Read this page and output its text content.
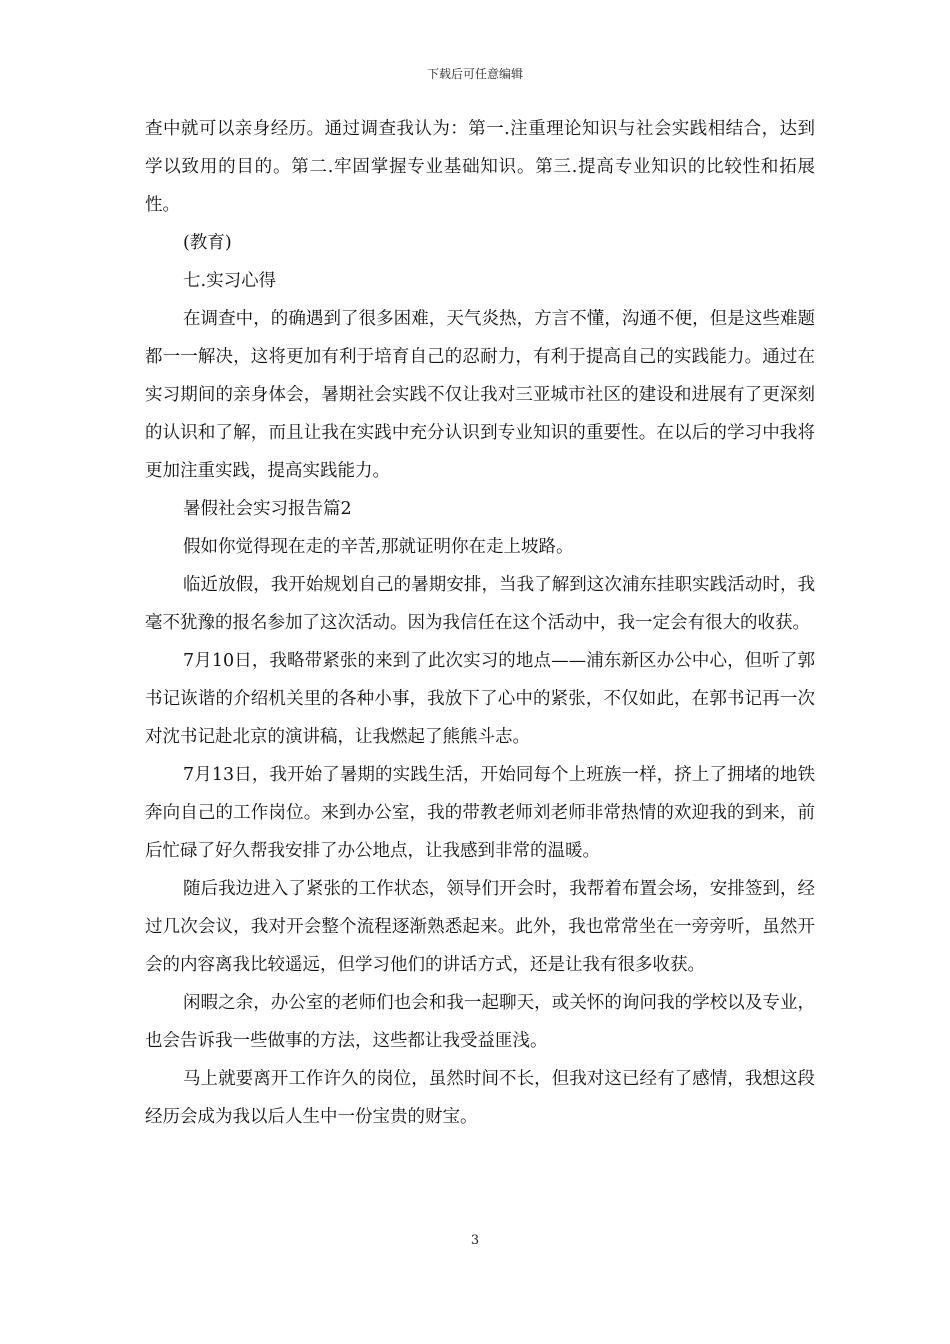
下载后可任意编辑

查中就可以亲身经历。通过调查我认为：第一.注重理论知识与社会实践相结合，达到学以致用的目的。第二.牢固掌握专业基础知识。第三.提高专业知识的比较性和拓展性。

(教育)

七.实习心得

在调查中，的确遇到了很多困难，天气炎热，方言不懂，沟通不便，但是这些难题都一一解决，这将更加有利于培育自己的忍耐力，有利于提高自己的实践能力。通过在实习期间的亲身体会，暑期社会实践不仅让我对三亚城市社区的建设和进展有了更深刻的认识和了解，而且让我在实践中充分认识到专业知识的重要性。在以后的学习中我将更加注重实践，提高实践能力。

暑假社会实习报告篇2

假如你觉得现在走的辛苦,那就证明你在走上坡路。

临近放假，我开始规划自己的暑期安排，当我了解到这次浦东挂职实践活动时，我毫不犹豫的报名参加了这次活动。因为我信任在这个活动中，我一定会有很大的收获。

7月10日，我略带紧张的来到了此次实习的地点——浦东新区办公中心，但听了郭书记诙谐的介绍机关里的各种小事，我放下了心中的紧张，不仅如此，在郭书记再一次对沈书记赴北京的演讲稿，让我燃起了熊熊斗志。

7月13日，我开始了暑期的实践生活，开始同每个上班族一样，挤上了拥堵的地铁奔向自己的工作岗位。来到办公室，我的带教老师刘老师非常热情的欢迎我的到来，前后忙碌了好久帮我安排了办公地点，让我感到非常的温暖。

随后我边进入了紧张的工作状态，领导们开会时，我帮着布置会场，安排签到，经过几次会议，我对开会整个流程逐渐熟悉起来。此外，我也常常坐在一旁旁听，虽然开会的内容离我比较遥远，但学习他们的讲话方式，还是让我有很多收获。

闲暇之余，办公室的老师们也会和我一起聊天，或关怀的询问我的学校以及专业，也会告诉我一些做事的方法，这些都让我受益匪浅。

马上就要离开工作许久的岗位，虽然时间不长，但我对这已经有了感情，我想这段经历会成为我以后人生中一份宝贵的财宝。

3
